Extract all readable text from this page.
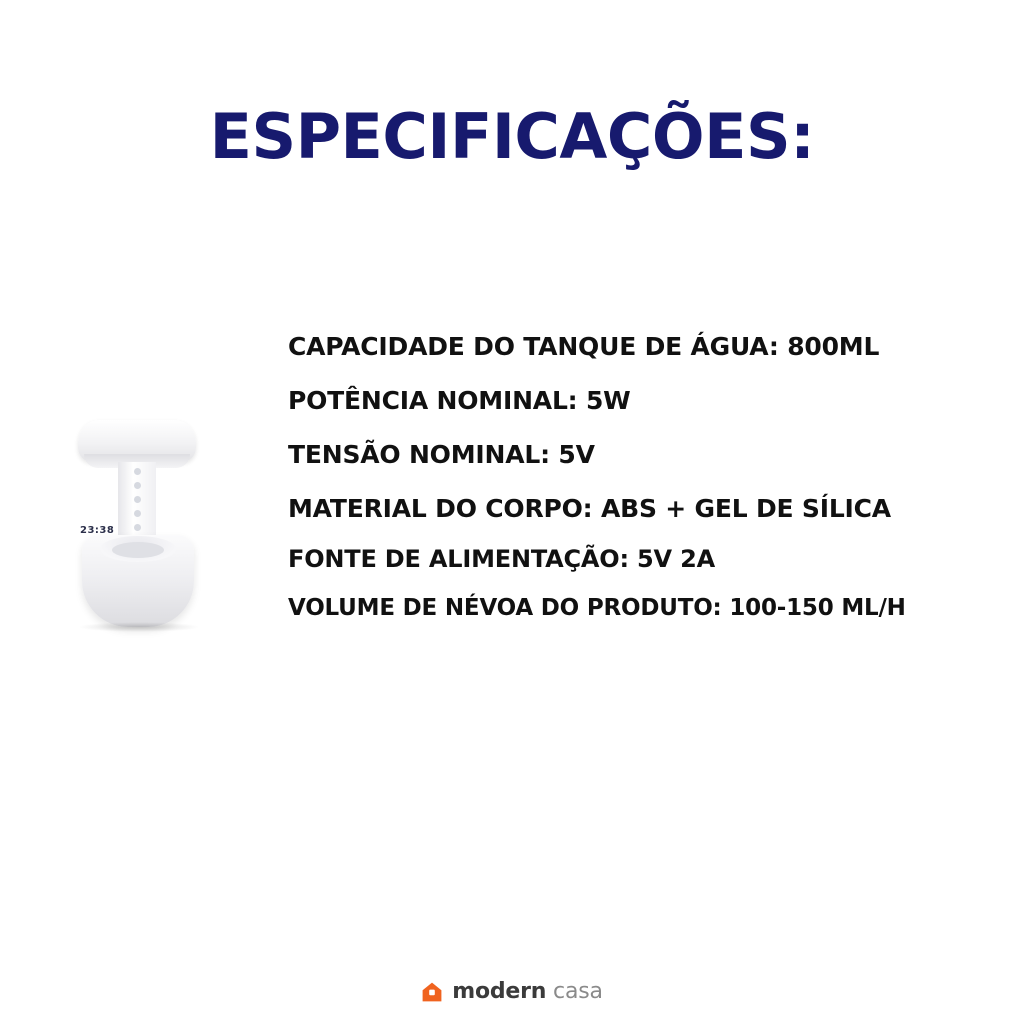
ESPECIFICAÇÕES:
23:38
CAPACIDADE DO TANQUE DE ÁGUA: 800ML
POTÊNCIA NOMINAL: 5W
TENSÃO NOMINAL: 5V
MATERIAL DO CORPO: ABS + GEL DE SÍLICA
FONTE DE ALIMENTAÇÃO: 5V 2A
VOLUME DE NÉVOA DO PRODUTO: 100-150 ML/H
modern casa
